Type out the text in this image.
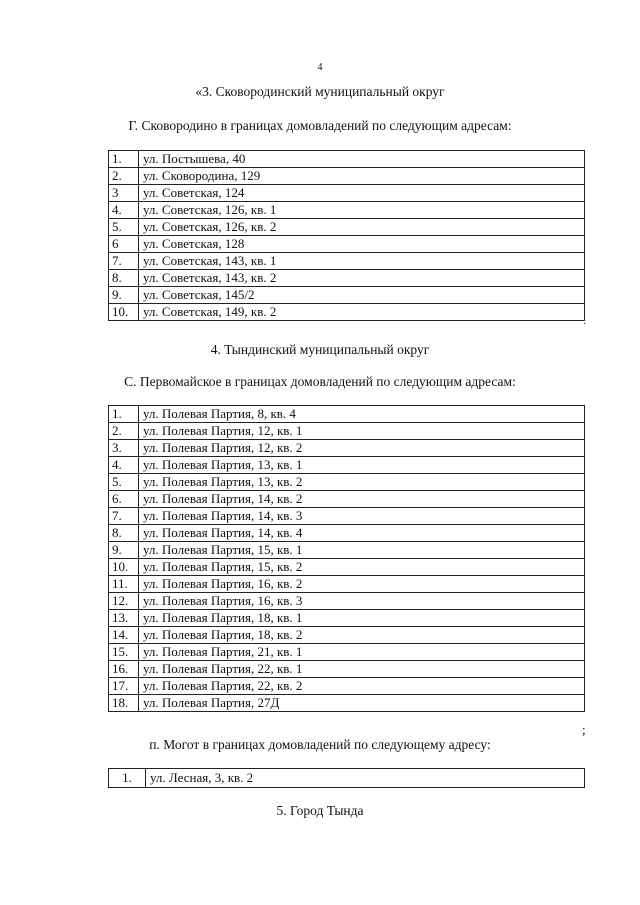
4
«3. Сковородинский муниципальный округ
Г. Сковородино в границах домовладений по следующим адресам:
1.	ул. Постышева, 40
2.	ул. Сковородина, 129
3	ул. Советская, 124
4.	ул. Советская, 126, кв. 1
5.	ул. Советская, 126, кв. 2
6	ул. Советская, 128
7.	ул. Советская, 143, кв. 1
8.	ул. Советская, 143, кв. 2
9.	ул. Советская, 145/2
10.	ул. Советская, 149, кв. 2
·
4. Тындинский муниципальный округ
С. Первомайское в границах домовладений по следующим адресам:
1.	ул. Полевая Партия, 8, кв. 4
2.	ул. Полевая Партия, 12, кв. 1
3.	ул. Полевая Партия, 12, кв. 2
4.	ул. Полевая Партия, 13, кв. 1
5.	ул. Полевая Партия, 13, кв. 2
6.	ул. Полевая Партия, 14, кв. 2
7.	ул. Полевая Партия, 14, кв. 3
8.	ул. Полевая Партия, 14, кв. 4
9.	ул. Полевая Партия, 15, кв. 1
10.	ул. Полевая Партия, 15, кв. 2
11.	ул. Полевая Партия, 16, кв. 2
12.	ул. Полевая Партия, 16, кв. 3
13.	ул. Полевая Партия, 18, кв. 1
14.	ул. Полевая Партия, 18, кв. 2
15.	ул. Полевая Партия, 21, кв. 1
16.	ул. Полевая Партия, 22, кв. 1
17.	ул. Полевая Партия, 22, кв. 2
18.	ул. Полевая Партия, 27Д
;
п. Могот в границах домовладений по следующему адресу:
1.	ул. Лесная, 3, кв. 2
5. Город Тында
